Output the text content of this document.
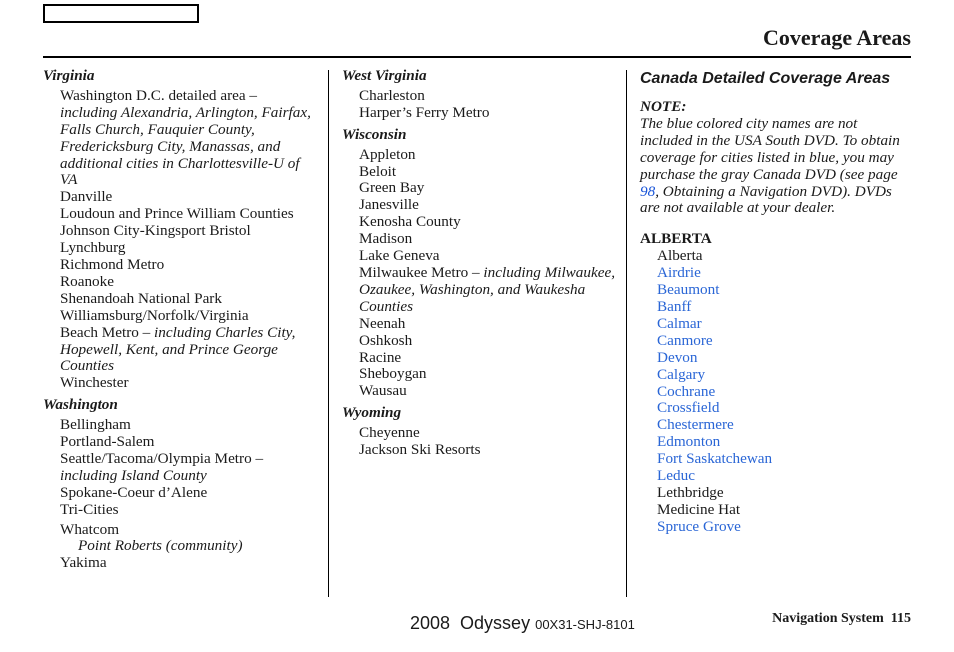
Coverage Areas
Virginia
Washington D.C. detailed area –
including Alexandria, Arlington, Fairfax, Falls Church, Fauquier County, Fredericksburg City, Manassas, and additional cities in Charlottesville-U of VA
Danville
Loudoun and Prince William Counties
Johnson City-Kingsport Bristol
Lynchburg
Richmond Metro
Roanoke
Shenandoah National Park
Williamsburg/Norfolk/Virginia
Beach Metro – including Charles City, Hopewell, Kent, and Prince George Counties
Winchester
Washington
Bellingham
Portland-Salem
Seattle/Tacoma/Olympia Metro –
including Island County
Spokane-Coeur d’Alene
Tri-Cities
Whatcom
Point Roberts (community)
Yakima
West Virginia
Charleston
Harper’s Ferry Metro
Wisconsin
Appleton
Beloit
Green Bay
Janesville
Kenosha County
Madison
Lake Geneva
Milwaukee Metro – including Milwaukee, Ozaukee, Washington, and Waukesha Counties
Neenah
Oshkosh
Racine
Sheboygan
Wausau
Wyoming
Cheyenne
Jackson Ski Resorts
Canada Detailed Coverage Areas
NOTE:
The blue colored city names are not included in the USA South DVD. To obtain coverage for cities listed in blue, you may purchase the gray Canada DVD (see page 98, Obtaining a Navigation DVD). DVDs are not available at your dealer.
ALBERTA
Alberta
Airdrie
Beaumont
Banff
Calmar
Canmore
Devon
Calgary
Cochrane
Crossfield
Chestermere
Edmonton
Fort Saskatchewan
Leduc
Lethbridge
Medicine Hat
Spruce Grove
2008  Odyssey 00X31-SHJ-8101	Navigation System 115
